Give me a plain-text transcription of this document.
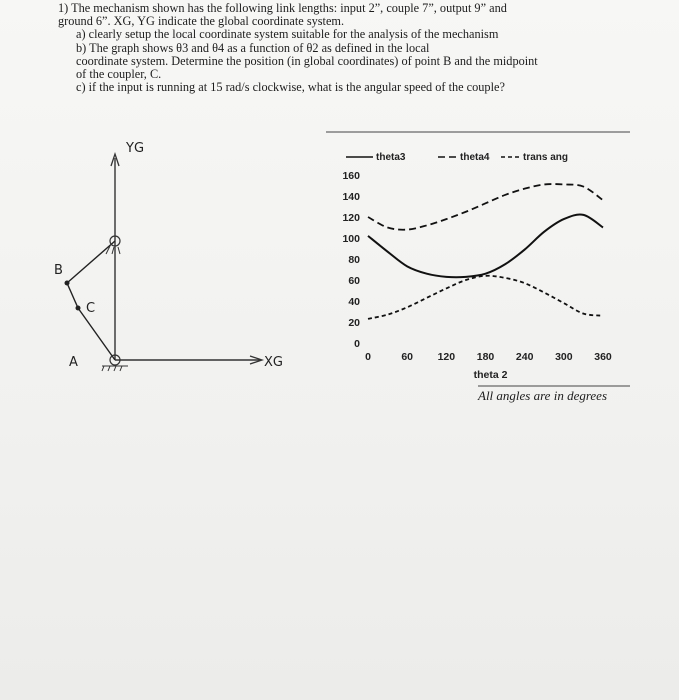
1) The mechanism shown has the following link lengths: input 2”, couple 7”, output 9” and

ground 6”. XG, YG indicate the global coordinate system.

a) clearly setup the local coordinate system suitable for the analysis of the mechanism

b) The graph shows θ3 and θ4 as a function of θ2 as defined in the local

coordinate system. Determine the position (in global coordinates) of point B and the midpoint

of the coupler, C.

c) if the input is running at 15 rad/s clockwise, what is the angular speed of the couple?

YG
XG
B
C
A
160
140
120
100
80
60
40
20
0
0	60 120 180 240 300 360
theta 2
theta3	theta4	trans ang
All angles are in degrees
